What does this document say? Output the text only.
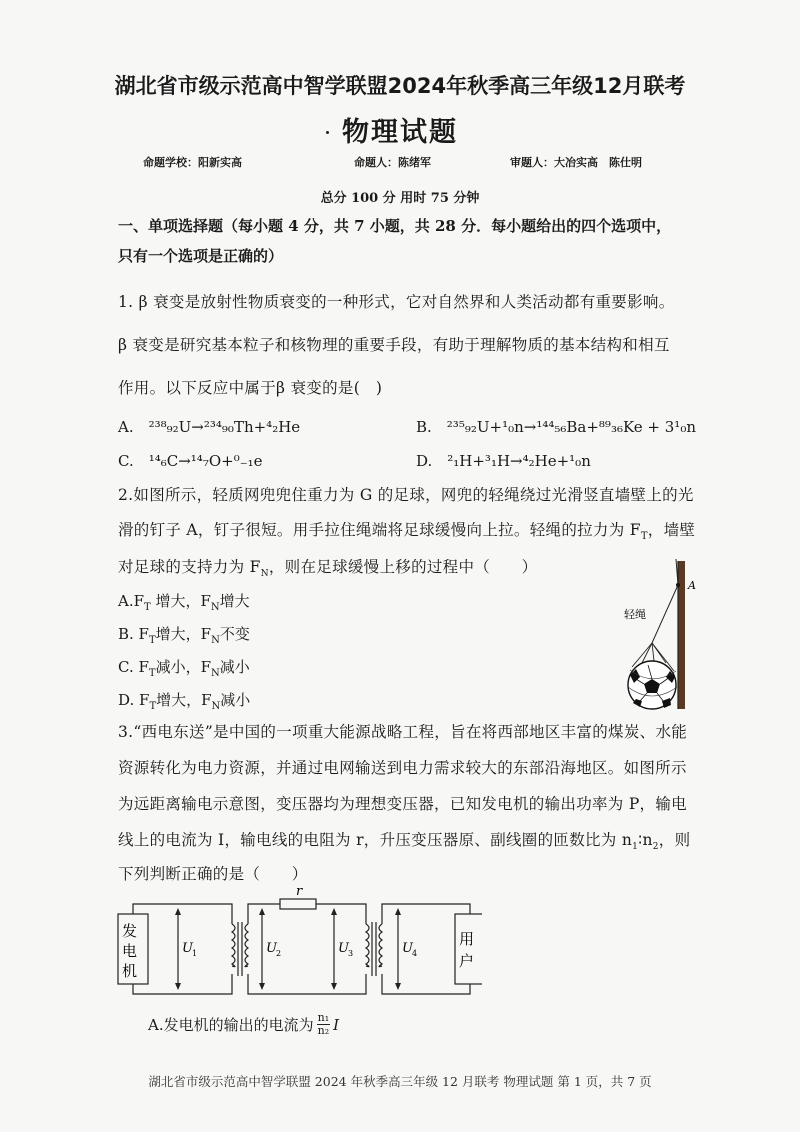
湖北省市级示范高中智学联盟2024年秋季高三年级12月联考
物理试题
命题学校：阳新实高	命题人：陈绪军	审题人：大冶实高　陈仕明
总分 100 分 用时 75 分钟
一、单项选择题（每小题 4 分，共 7 小题，共 28 分．每小题给出的四个选项中，
只有一个选项是正确的）
1. β 衰变是放射性物质衰变的一种形式，它对自然界和人类活动都有重要影响。
β 衰变是研究基本粒子和核物理的重要手段，有助于理解物质的基本结构和相互
作用。以下反应中属于β 衰变的是(　)
A.　²³⁸₉₂U→²³⁴₉₀Th+⁴₂He	B.　²³⁵₉₂U+¹₀n→¹⁴⁴₅₆Ba+⁸⁹₃₆Ke + 3¹₀n
C.　¹⁴₆C→¹⁴₇O+⁰₋₁e	D.　²₁H+³₁H→⁴₂He+¹₀n
2.如图所示，轻质网兜兜住重力为 G 的足球，网兜的轻绳绕过光滑竖直墙壁上的光
滑的钉子 A，钉子很短。用手拉住绳端将足球缓慢向上拉。轻绳的拉力为 $F_T$，墙壁
对足球的支持力为 $F_N$，则在足球缓慢上移的过程中（　　）
$A.F_T$ 增大，$F_N$增大
B. $F_T$增大，$F_N$不变
C. $F_T$减小，$F_N$减小
D. $F_T$增大，$F_N$减小
A
轻绳
3.“西电东送”是中国的一项重大能源战略工程，旨在将西部地区丰富的煤炭、水能
资源转化为电力资源，并通过电网输送到电力需求较大的东部沿海地区。如图所示
为远距离输电示意图，变压器均为理想变压器，已知发电机的输出功率为 P，输电
线上的电流为 I，输电线的电阻为 r，升压变压器原、副线圈的匝数比为 $n_1∶n_2$，则
下列判断正确的是（　　）
发
电
机
用
户
r
U 1	U 2	U 3	U 4
A.发电机的输出的电流为 n₁
n₂ I
湖北省市级示范高中智学联盟 2024 年秋季高三年级 12 月联考 物理试题 第 1 页，共 7 页
